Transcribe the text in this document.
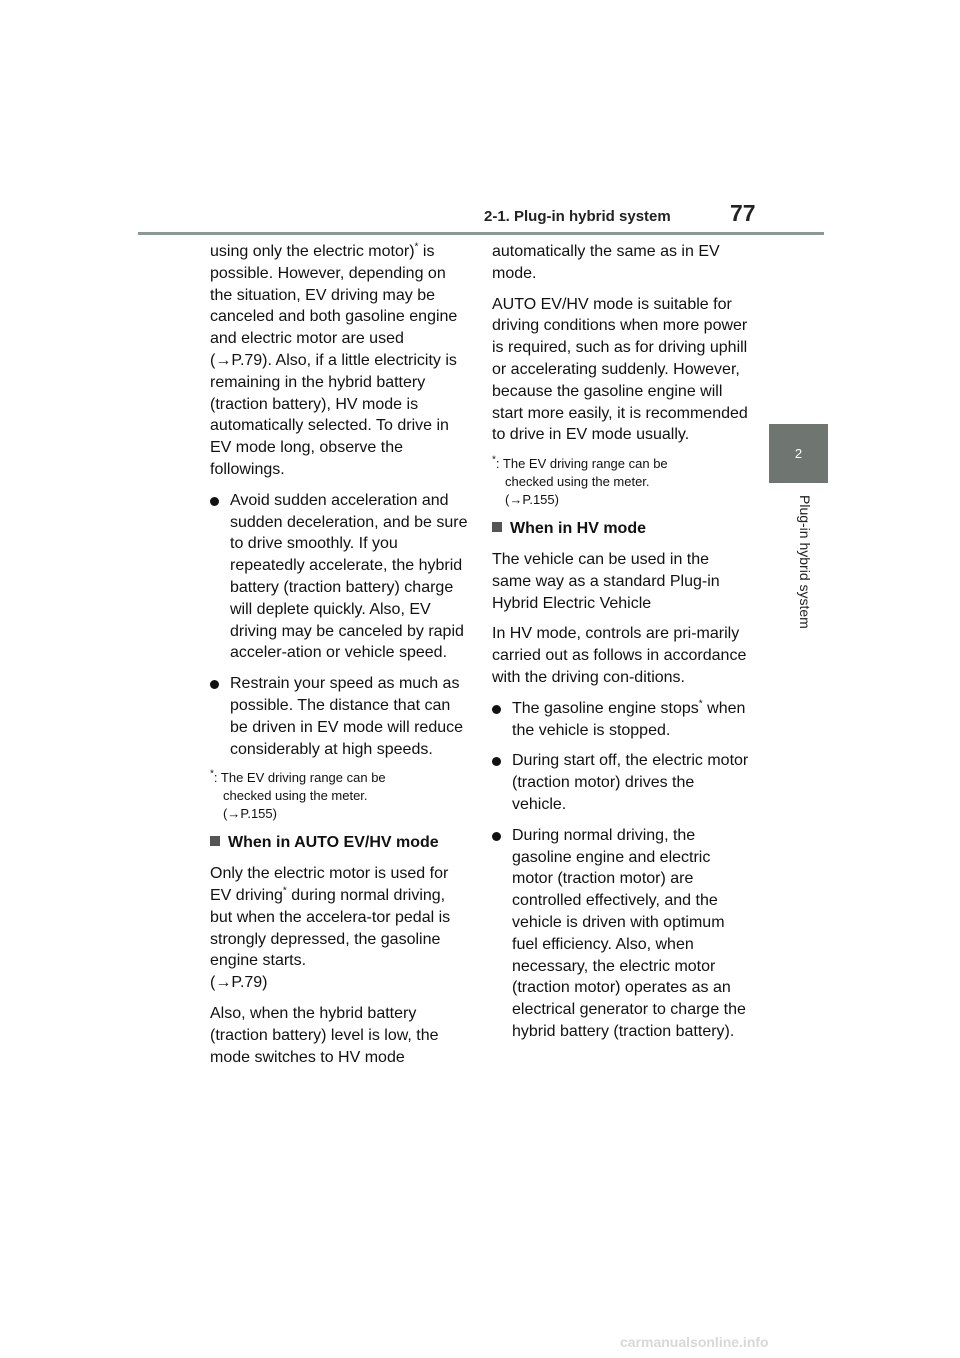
2-1. Plug-in hybrid system	77
2
Plug-in hybrid system

using only the electric motor)* is possible. However, depending on the situation, EV driving may be canceled and both gasoline engine and electric motor are used (→P.79). Also, if a little electricity is remaining in the hybrid battery (traction battery), HV mode is automatically selected. To drive in EV mode long, observe the followings.

Avoid sudden acceleration and sudden deceleration, and be sure to drive smoothly. If you repeatedly accelerate, the hybrid battery (traction battery) charge will deplete quickly. Also, EV driving may be canceled by rapid acceler-ation or vehicle speed.
Restrain your speed as much as possible. The distance that can be driven in EV mode will reduce considerably at high speeds.
*: The EV driving range can be
checked using the meter.
(→P.155)
When in AUTO EV/HV mode

Only the electric motor is used for EV driving* during normal driving, but when the accelera-tor pedal is strongly depressed, the gasoline engine starts.
(→P.79)

Also, when the hybrid battery (traction battery) level is low, the mode switches to HV mode

automatically the same as in EV mode.

AUTO EV/HV mode is suitable for driving conditions when more power is required, such as for driving uphill or accelerating suddenly. However, because the gasoline engine will start more easily, it is recommended to drive in EV mode usually.

*: The EV driving range can be
checked using the meter.
(→P.155)
When in HV mode

The vehicle can be used in the same way as a standard Plug-in Hybrid Electric Vehicle

In HV mode, controls are pri-marily carried out as follows in accordance with the driving con-ditions.

The gasoline engine stops* when the vehicle is stopped.
During start off, the electric motor (traction motor) drives the vehicle.
During normal driving, the gasoline engine and electric motor (traction motor) are controlled effectively, and the vehicle is driven with optimum fuel efficiency. Also, when necessary, the electric motor (traction motor) operates as an electrical generator to charge the hybrid battery (traction battery).
carmanualsonline.info
